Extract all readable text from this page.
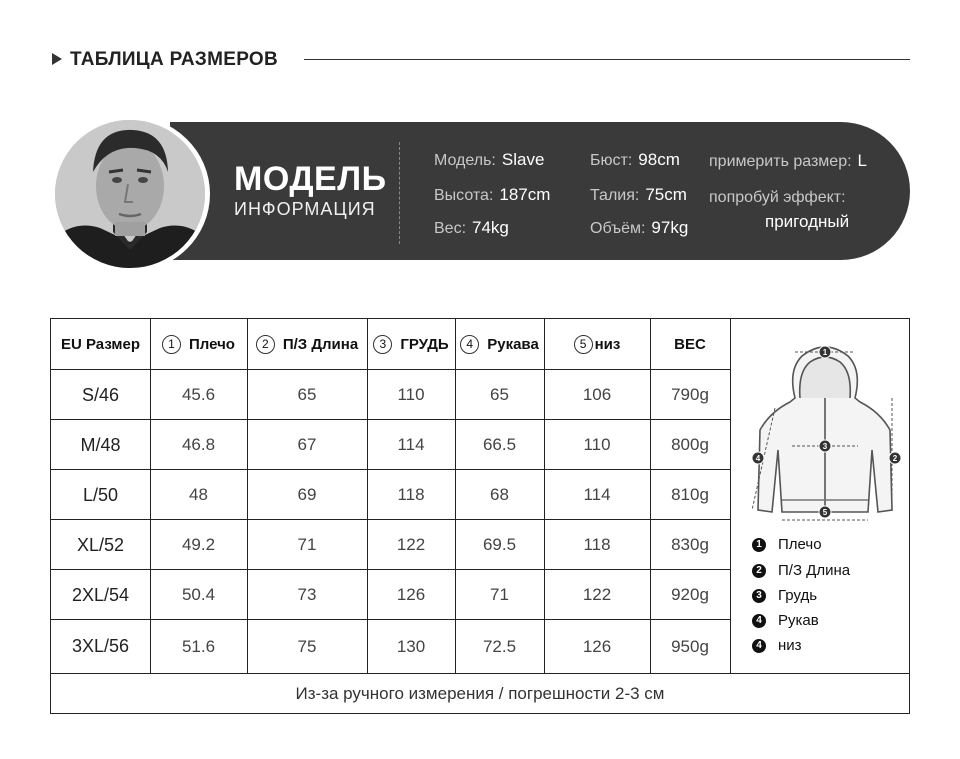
ТАБЛИЦА РАЗМЕРОВ
МОДЕЛЬ
ИНФОРМАЦИЯ
Модель: Slave
Высота: 187cm
Вес: 74kg
Бюст: 98cm
Талия: 75cm
Объём: 97kg
примерить размер: L
попробуй эффект:
пригодный
EU Размер	1 Плечо	2 П/З Длина	3 ГРУДЬ	4 Рукава	5 низ	ВЕС
S/46	45.6	65	110	65	106	790g
M/48	46.8	67	114	66.5	110	800g
L/50	48	69	118	68	114	810g
XL/52	49.2	71	122	69.5	118	830g
2XL/54	50.4	73	126	71	122	920g
3XL/56	51.6	75	130	72.5	126	950g
Из-за ручного измерения / погрешности 2-3 см
1
2
3
4
5
1 Плечо
2 П/З Длина
3 Грудь
4 Рукав
4 низ
